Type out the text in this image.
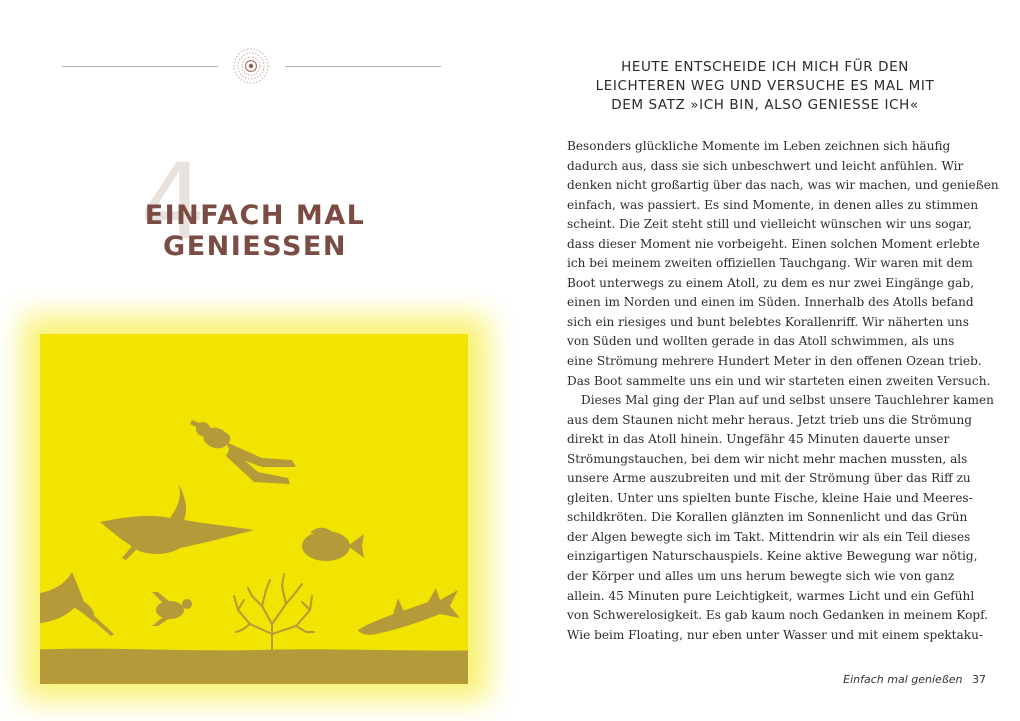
4
EINFACH MAL
GENIESSEN
HEUTE ENTSCHEIDE ICH MICH FÜR DEN
LEICHTEREN WEG UND VERSUCHE ES MAL MIT
DEM SATZ »ICH BIN, ALSO GENIESSE ICH«
Besonders glückliche Momente im Leben zeichnen sich häufig
dadurch aus, dass sie sich unbeschwert und leicht anfühlen. Wir
denken nicht großartig über das nach, was wir machen, und genießen
einfach, was passiert. Es sind Momente, in denen alles zu stimmen
scheint. Die Zeit steht still und vielleicht wünschen wir uns sogar,
dass dieser Moment nie vorbeigeht. Einen solchen Moment erlebte
ich bei meinem zweiten offiziellen Tauchgang. Wir waren mit dem
Boot unterwegs zu einem Atoll, zu dem es nur zwei Eingänge gab,
einen im Norden und einen im Süden. Innerhalb des Atolls befand
sich ein riesiges und bunt belebtes Korallenriff. Wir näherten uns
von Süden und wollten gerade in das Atoll schwimmen, als uns
eine Strömung mehrere Hundert Meter in den offenen Ozean trieb.
Das Boot sammelte uns ein und wir starteten einen zweiten Versuch.
Dieses Mal ging der Plan auf und selbst unsere Tauchlehrer kamen
aus dem Staunen nicht mehr heraus. Jetzt trieb uns die Strömung
direkt in das Atoll hinein. Ungefähr 45 Minuten dauerte unser
Strömungstauchen, bei dem wir nicht mehr machen mussten, als
unsere Arme auszubreiten und mit der Strömung über das Riff zu
gleiten. Unter uns spielten bunte Fische, kleine Haie und Meeres-
schildkröten. Die Korallen glänzten im Sonnenlicht und das Grün
der Algen bewegte sich im Takt. Mittendrin wir als ein Teil dieses
einzigartigen Naturschauspiels. Keine aktive Bewegung war nötig,
der Körper und alles um uns herum bewegte sich wie von ganz
allein. 45 Minuten pure Leichtigkeit, warmes Licht und ein Gefühl
von Schwerelosigkeit. Es gab kaum noch Gedanken in meinem Kopf.
Wie beim Floating, nur eben unter Wasser und mit einem spektaku-
Einfach mal genießen 37
